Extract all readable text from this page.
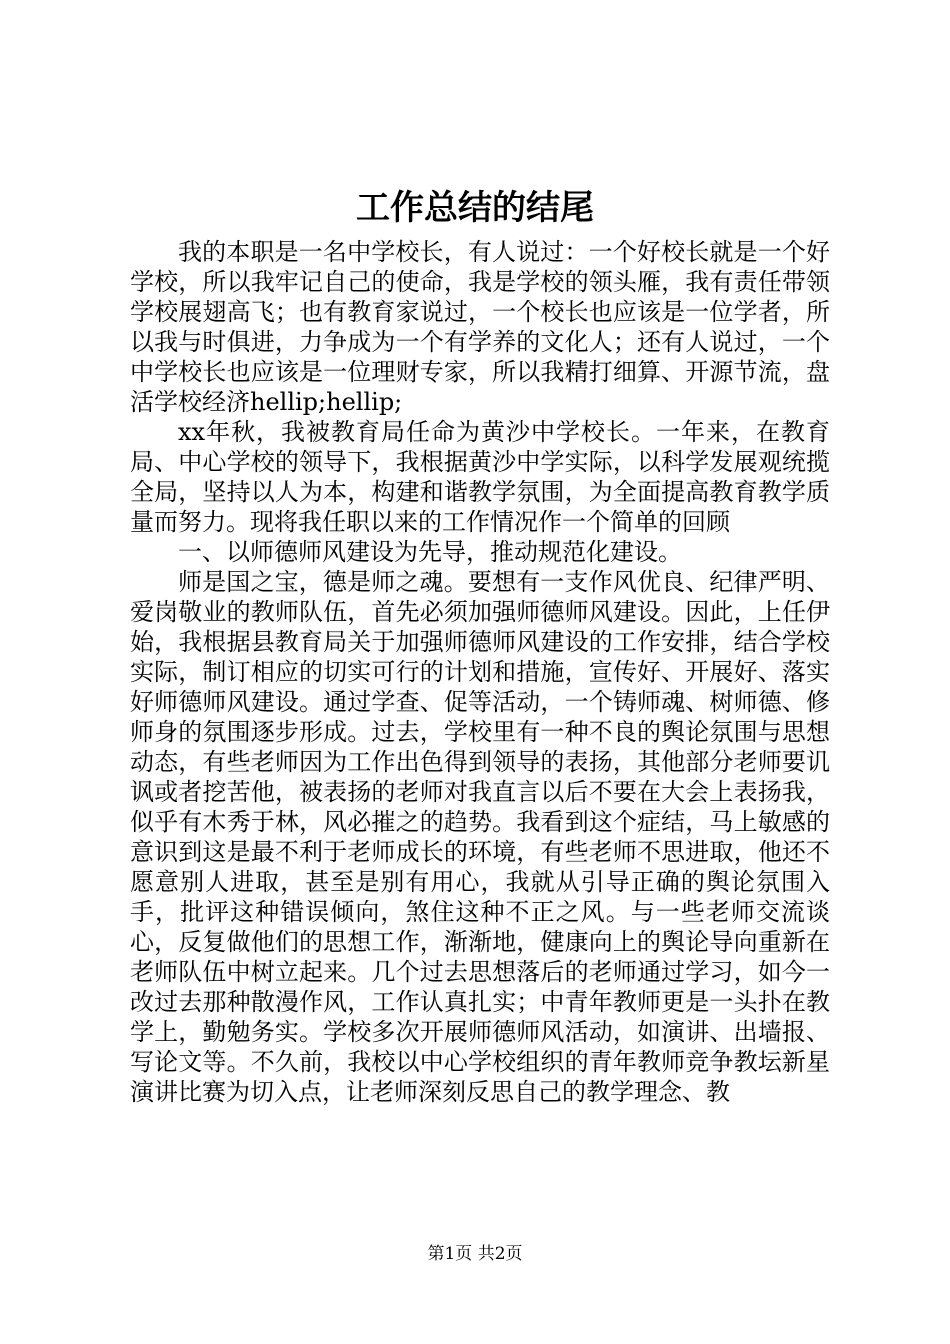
工作总结的结尾

我的本职是一名中学校长，有人说过：一个好校长就是一个好学校，所以我牢记自己的使命，我是学校的领头雁，我有责任带领学校展翅高飞；也有教育家说过，一个校长也应该是一位学者，所以我与时俱进，力争成为一个有学养的文化人；还有人说过，一个中学校长也应该是一位理财专家，所以我精打细算、开源节流，盘活学校经济hellip;hellip;

xx年秋，我被教育局任命为黄沙中学校长。一年来，在教育局、中心学校的领导下，我根据黄沙中学实际，以科学发展观统揽全局，坚持以人为本，构建和谐教学氛围，为全面提高教育教学质量而努力。现将我任职以来的工作情况作一个简单的回顾

一、以师德师风建设为先导，推动规范化建设。

师是国之宝，德是师之魂。要想有一支作风优良、纪律严明、爱岗敬业的教师队伍，首先必须加强师德师风建设。因此，上任伊始，我根据县教育局关于加强师德师风建设的工作安排，结合学校实际，制订相应的切实可行的计划和措施，宣传好、开展好、落实好师德师风建设。通过学查、促等活动，一个铸师魂、树师德、修师身的氛围逐步形成。过去，学校里有一种不良的舆论氛围与思想动态，有些老师因为工作出色得到领导的表扬，其他部分老师要讥讽或者挖苦他，被表扬的老师对我直言以后不要在大会上表扬我，似乎有木秀于林，风必摧之的趋势。我看到这个症结，马上敏感的意识到这是最不利于老师成长的环境，有些老师不思进取，他还不愿意别人进取，甚至是别有用心，我就从引导正确的舆论氛围入手，批评这种错误倾向，煞住这种不正之风。与一些老师交流谈心，反复做他们的思想工作，渐渐地，健康向上的舆论导向重新在老师队伍中树立起来。几个过去思想落后的老师通过学习，如今一改过去那种散漫作风，工作认真扎实；中青年教师更是一头扑在教学上，勤勉务实。学校多次开展师德师风活动，如演讲、出墙报、写论文等。不久前，我校以中心学校组织的青年教师竞争教坛新星演讲比赛为切入点，让老师深刻反思自己的教学理念、教

第1页 共2页
